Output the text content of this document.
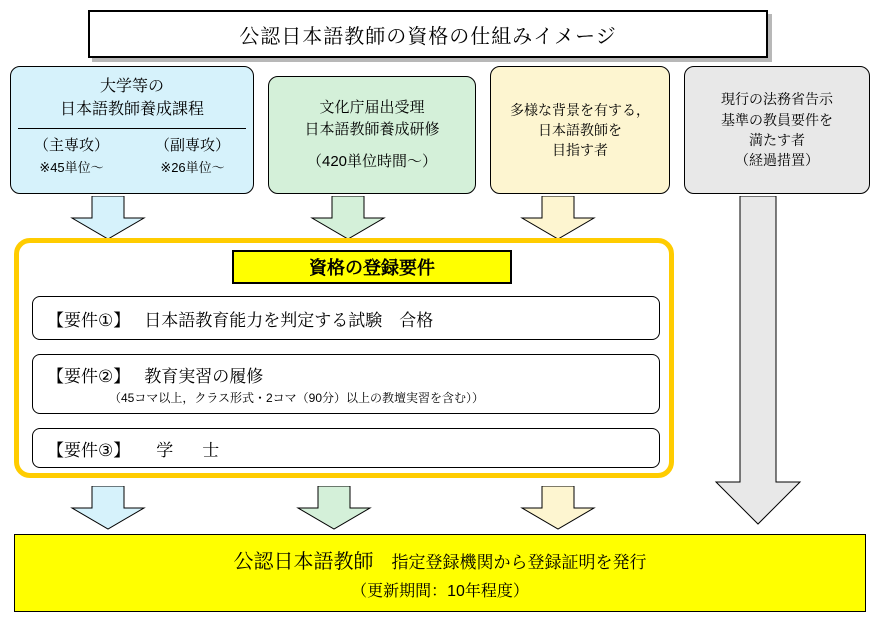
公認日本語教師の資格の仕組みイメージ
大学等の
日本語教師養成課程
（主専攻）
※45単位～
（副専攻）
※26単位～
文化庁届出受理
日本語教師養成研修
（420単位時間～）
多様な背景を有する，
日本語教師を
目指す者
現行の法務省告示
基準の教員要件を
満たす者
（経過措置）
資格の登録要件
【要件①】 日本語教育能力を判定する試験　合格
【要件②】 教育実習の履修
（45コマ以上，クラス形式・2コマ（90分）以上の教壇実習を含む））
【要件③】	学　士
公認日本語教師 指定登録機関から登録証明を発行
（更新期間：10年程度）
